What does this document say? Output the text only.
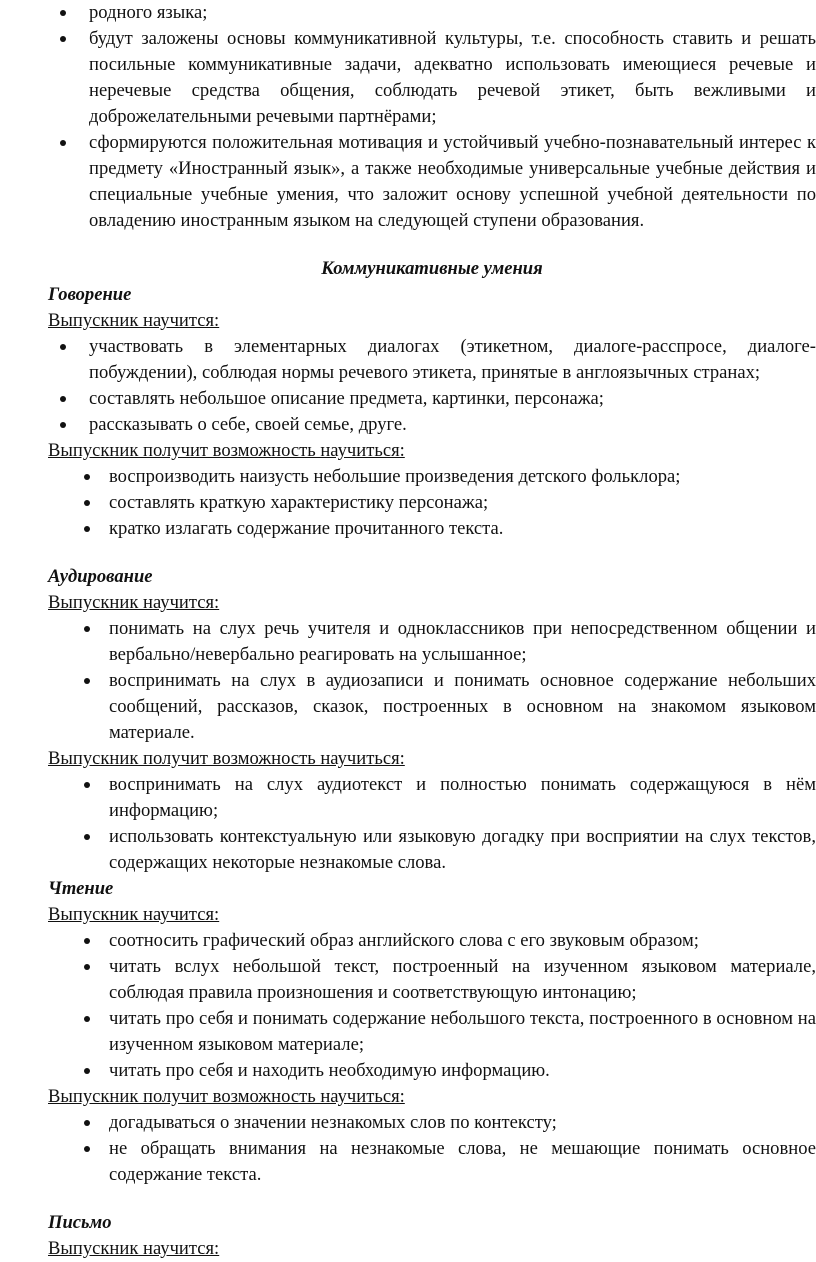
родного языка;
будут заложены основы коммуникативной культуры, т.е. способность ставить и решать посильные коммуникативные задачи, адекватно использовать имеющиеся речевые и неречевые средства общения, соблюдать речевой этикет, быть вежливыми и доброжелательными речевыми партнёрами;
сформируются положительная мотивация и устойчивый учебно-познавательный интерес к предмету «Иностранный язык», а также необходимые универсальные учебные действия и специальные учебные умения, что заложит основу успешной учебной деятельности по овладению иностранным языком на следующей ступени образования.
Коммуникативные умения
Говорение
Выпускник научится:
участвовать в элементарных диалогах (этикетном, диалоге-расспросе, диалоге-побуждении), соблюдая нормы речевого этикета, принятые в англоязычных странах;
составлять небольшое описание предмета, картинки, персонажа;
рассказывать о себе, своей семье, друге.
Выпускник получит возможность научиться:
воспроизводить наизусть небольшие произведения детского фольклора;
составлять краткую характеристику персонажа;
кратко излагать содержание прочитанного текста.
Аудирование
Выпускник научится:
понимать на слух речь учителя и одноклассников при непосредственном общении и вербально/невербально реагировать на услышанное;
воспринимать на слух в аудиозаписи и понимать основное содержание небольших сообщений, рассказов, сказок, построенных в основном на знакомом языковом материале.
Выпускник получит возможность научиться:
воспринимать на слух аудиотекст и полностью понимать содержащуюся в нём информацию;
использовать контекстуальную или языковую догадку при восприятии на слух текстов, содержащих некоторые незнакомые слова.
Чтение
Выпускник научится:
соотносить графический образ английского слова с его звуковым образом;
читать вслух небольшой текст, построенный на изученном языковом материале, соблюдая правила произношения и соответствующую интонацию;
читать про себя и понимать содержание небольшого текста, построенного в основном на изученном языковом материале;
читать про себя и находить необходимую информацию.
Выпускник получит возможность научиться:
догадываться о значении незнакомых слов по контексту;
не обращать внимания на незнакомые слова, не мешающие понимать основное содержание текста.
Письмо
Выпускник научится:
